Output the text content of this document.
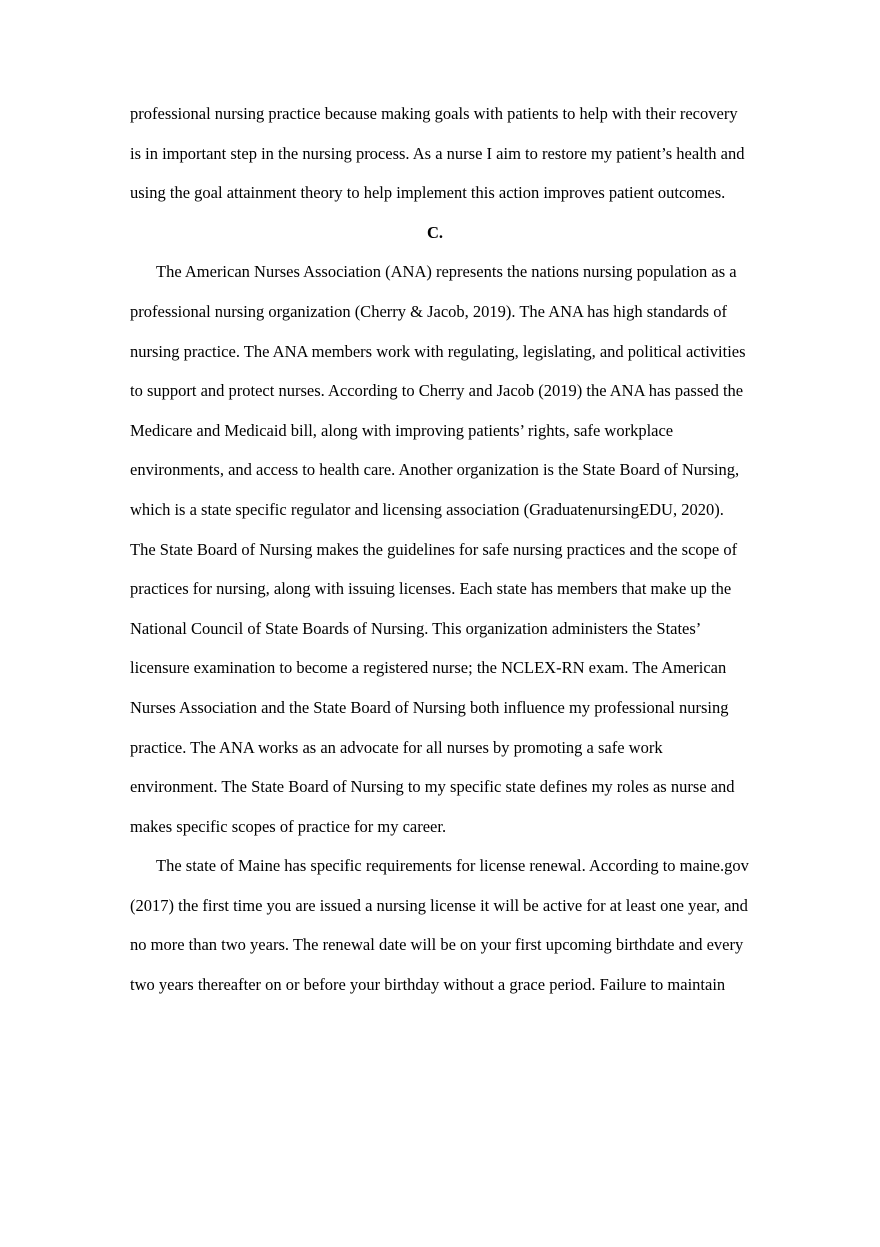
professional nursing practice because making goals with patients to help with their recovery
is in important step in the nursing process. As a nurse I aim to restore my patient’s health and
using the goal attainment theory to help implement this action improves patient outcomes.
C.
The American Nurses Association (ANA) represents the nations nursing population as a
professional nursing organization (Cherry & Jacob, 2019). The ANA has high standards of
nursing practice. The ANA members work with regulating, legislating, and political activities
to support and protect nurses. According to Cherry and Jacob (2019) the ANA has passed the
Medicare and Medicaid bill, along with improving patients’ rights, safe workplace
environments, and access to health care. Another organization is the State Board of Nursing,
which is a state specific regulator and licensing association (GraduatenursingEDU, 2020).
The State Board of Nursing makes the guidelines for safe nursing practices and the scope of
practices for nursing, along with issuing licenses. Each state has members that make up the
National Council of State Boards of Nursing. This organization administers the States’
licensure examination to become a registered nurse; the NCLEX-RN exam. The American
Nurses Association and the State Board of Nursing both influence my professional nursing
practice. The ANA works as an advocate for all nurses by promoting a safe work
environment. The State Board of Nursing to my specific state defines my roles as nurse and
makes specific scopes of practice for my career.
The state of Maine has specific requirements for license renewal. According to maine.gov
(2017) the first time you are issued a nursing license it will be active for at least one year, and
no more than two years. The renewal date will be on your first upcoming birthdate and every
two years thereafter on or before your birthday without a grace period. Failure to maintain
